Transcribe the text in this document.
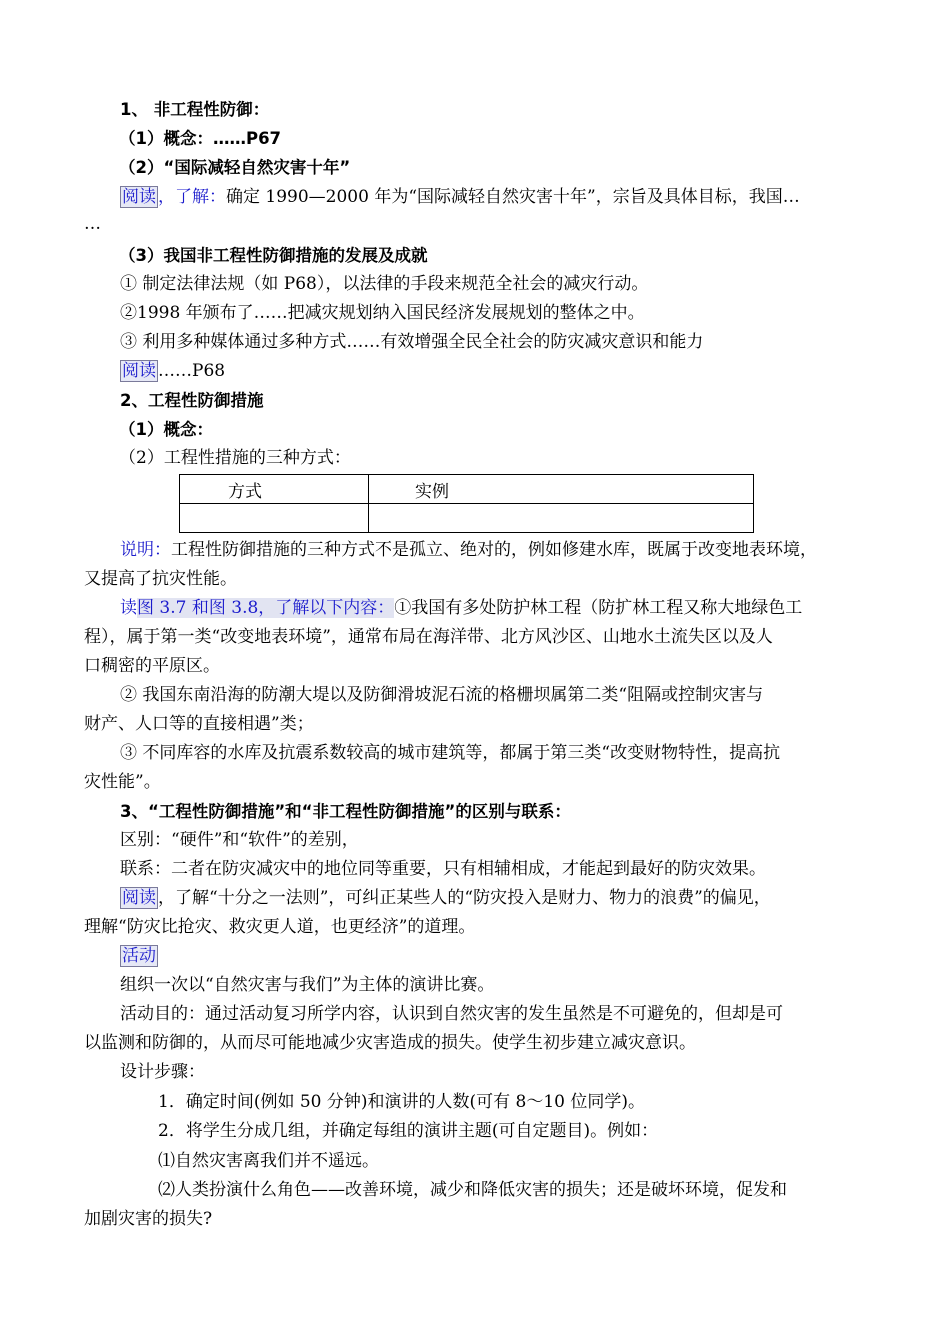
1、 非工程性防御：
（1）概念：……P67
（2）“国际减轻自然灾害十年”
阅读 ，了解：确定 1990—2000 年为“国际减轻自然灾害十年”，宗旨及具体目标，我国…
…
（3）我国非工程性防御措施的发展及成就
① 制定法律法规（如 P68），以法律的手段来规范全社会的减灾行动。
②1998 年颁布了……把减灾规划纳入国民经济发展规划的整体之中。
③ 利用多种媒体通过多种方式……有效增强全民全社会的防灾减灾意识和能力
阅读 ……P68
2、工程性防御措施
（1）概念：
（2）工程性措施的三种方式：
方式	实例

说明：工程性防御措施的三种方式不是孤立、绝对的，例如修建水库，既属于改变地表环境，
又提高了抗灾性能。
读图 3.7 和图 3.8，了解以下内容：①我国有多处防护林工程（防扩林工程又称大地绿色工
程），属于第一类“改变地表环境”，通常布局在海洋带、北方风沙区、山地水土流失区以及人
口稠密的平原区。
② 我国东南沿海的防潮大堤以及防御滑坡泥石流的格栅坝属第二类“阻隔或控制灾害与
财产、人口等的直接相遇”类；
③ 不同库容的水库及抗震系数较高的城市建筑等，都属于第三类“改变财物特性，提高抗
灾性能”。
3、“工程性防御措施”和“非工程性防御措施”的区别与联系：
区别：“硬件”和“软件”的差别，
联系：二者在防灾减灾中的地位同等重要，只有相辅相成，才能起到最好的防灾效果。
阅读 ，了解“十分之一法则”，可纠正某些人的“防灾投入是财力、物力的浪费”的偏见，
理解“防灾比抢灾、救灾更人道，也更经济”的道理。
活动
组织一次以“自然灾害与我们”为主体的演讲比赛。
活动目的：通过活动复习所学内容，认识到自然灾害的发生虽然是不可避免的，但却是可
以监测和防御的，从而尽可能地减少灾害造成的损失。使学生初步建立减灾意识。
设计步骤：
1．确定时间(例如 50 分钟)和演讲的人数(可有 8～10 位同学)。
2．将学生分成几组，并确定每组的演讲主题(可自定题目)。例如：
⑴自然灾害离我们并不遥远。
⑵人类扮演什么角色——改善环境，减少和降低灾害的损失；还是破坏环境，促发和
加剧灾害的损失?
